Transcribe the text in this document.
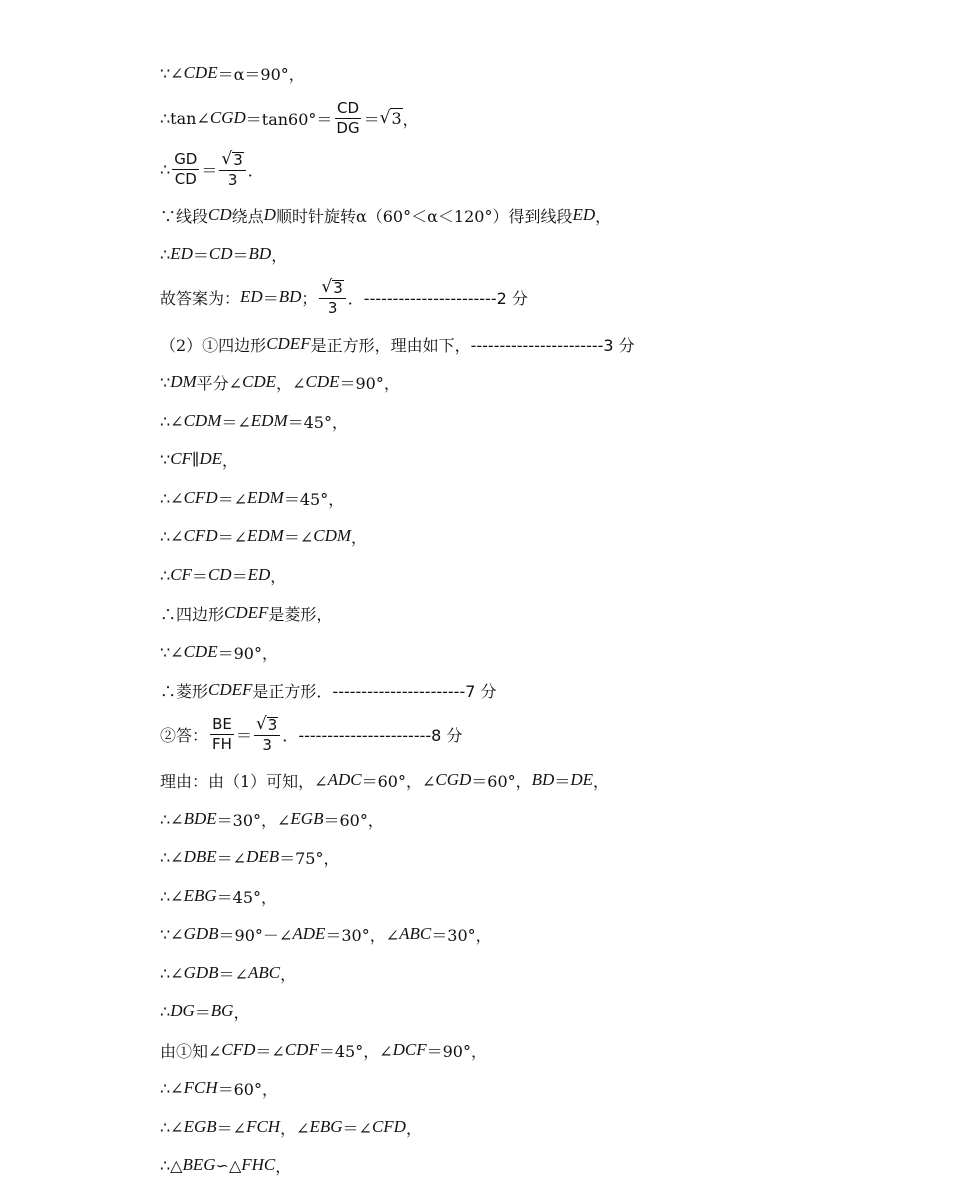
∵∠ CDE ＝α＝90°，
∴tan∠ CGD $=\tan 60^\circ= \frac{CD}{DG}$ ＝ √ 3 ，
∴ $\frac{GD}{CD} = \frac{√ 3}{3}$ ．
∵线段 CD 绕点 D 顺时针旋转α（60°＜α＜120°）得到线段 ED ，
∴ ED ＝ CD ＝ BD ，
故答案为： ED ＝ BD ； $\frac{√ 3}{3}$ ． -----------------------2 分
（2）①四边形 CDEF 是正方形，理由如下， -----------------------3 分
∵ DM 平分∠ CDE ，∠ CDE ＝90°，
∴∠ CDM ＝∠ EDM ＝45°，
∵ CF ∥ DE ，
∴∠ CFD ＝∠ EDM ＝45°，
∴∠ CFD ＝∠ EDM ＝∠ CDM ，
∴ CF ＝ CD ＝ ED ，
∴四边形 CDEF 是菱形，
∵∠ CDE ＝90°，
∴菱形 CDEF 是正方形． -----------------------7 分
②答： $\frac{BE}{FH} = \frac{√ 3}{3}$ ． -----------------------8 分
理由：由（1）可知，∠ ADC ＝60°，∠ CGD ＝60°， BD ＝ DE ，
∴∠ BDE ＝30°，∠ EGB ＝60°，
∴∠ DBE ＝∠ DEB ＝75°，
∴∠ EBG ＝45°，
∵∠ GDB ＝90°－∠ ADE ＝30°，∠ ABC ＝30°，
∴∠ GDB ＝∠ ABC ，
∴ DG ＝ BG ，
由①知∠ CFD ＝∠ CDF ＝45°，∠ DCF ＝90°，
∴∠ FCH ＝60°，
∴∠ EGB ＝∠ FCH ，∠ EBG ＝∠ CFD ，
∴△ BEG ∽△ FHC ，
